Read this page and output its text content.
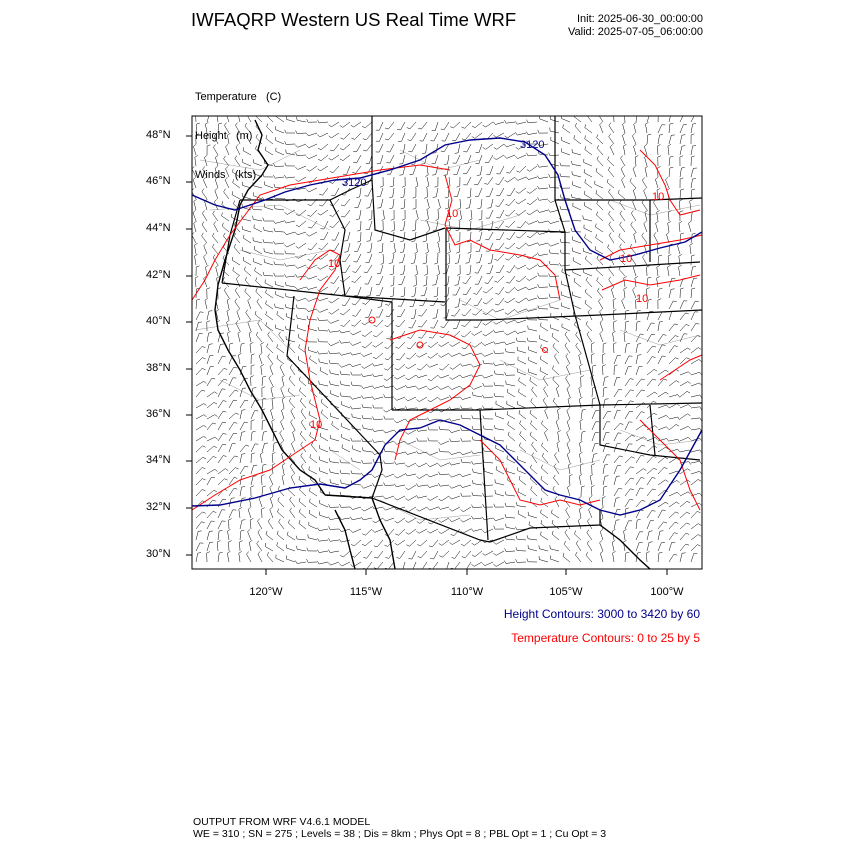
IWFAQRP Western US Real Time WRF	Init: 2025-06-30_00:00:00
Valid: 2025-07-05_06:00:00

Temperature (C)

Height (m)

Winds (kts)

3120
3120
10
10
10
10
10
10
48°N
46°N
44°N
42°N
40°N
38°N
36°N
34°N
32°N
30°N
120°W	115°W	110°W	105°W	100°W
Height Contours: 3000 to 3420 by 60
Temperature Contours: 0 to 25 by 5
OUTPUT FROM WRF V4.6.1 MODEL
WE = 310 ; SN = 275 ; Levels = 38 ; Dis = 8km ; Phys Opt = 8 ; PBL Opt = 1 ; Cu Opt = 3
